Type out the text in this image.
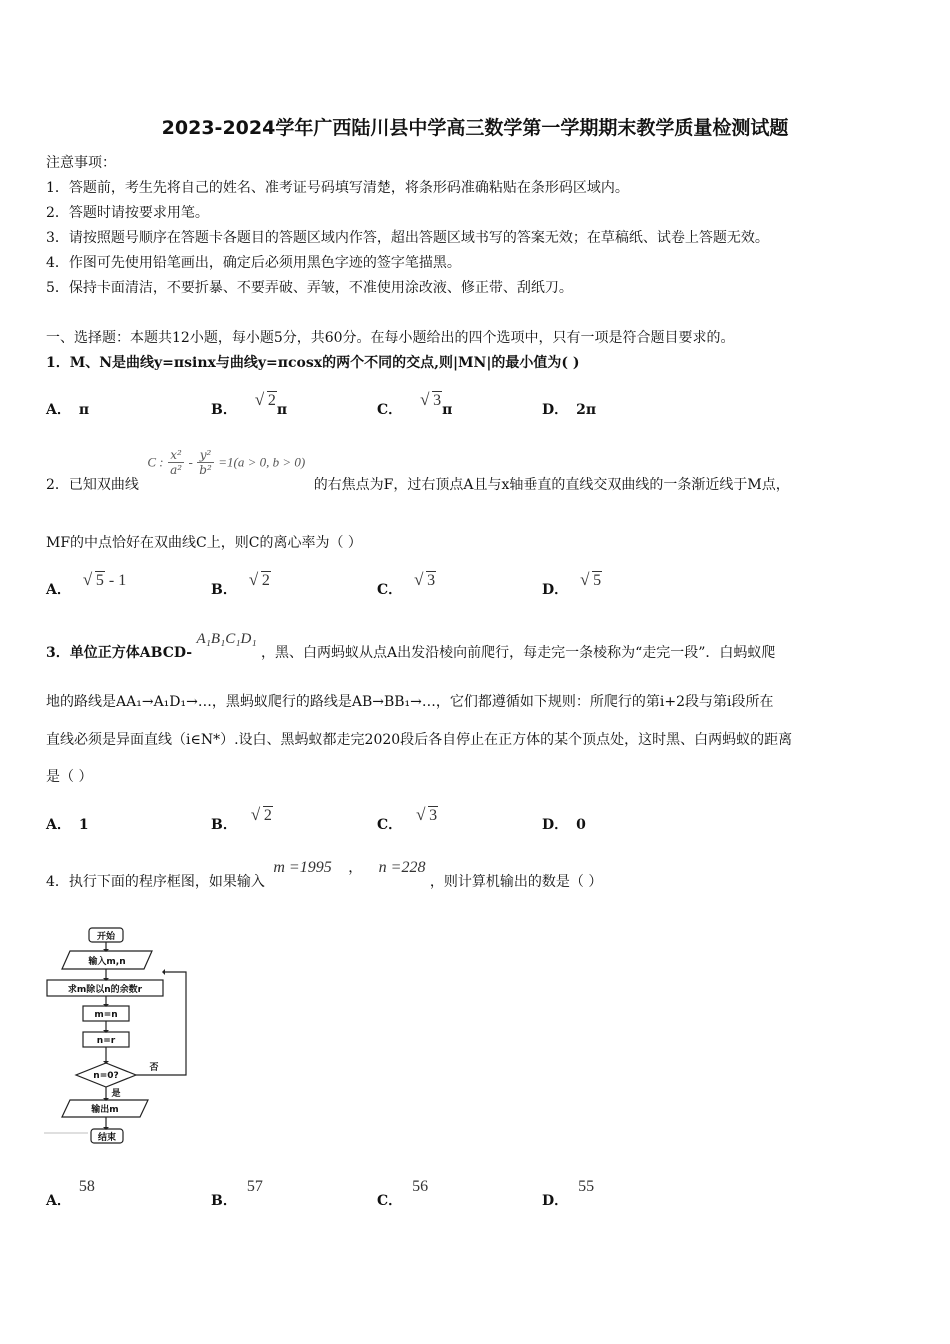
2023-2024学年广西陆川县中学高三数学第一学期期末教学质量检测试题
注意事项：
1．答题前，考生先将自己的姓名、准考证号码填写清楚，将条形码准确粘贴在条形码区域内。
2．答题时请按要求用笔。
3．请按照题号顺序在答题卡各题目的答题区域内作答，超出答题区域书写的答案无效；在草稿纸、试卷上答题无效。
4．作图可先使用铅笔画出，确定后必须用黑色字迹的签字笔描黑。
5．保持卡面清洁，不要折暴、不要弄破、弄皱，不准使用涂改液、修正带、刮纸刀。
一、选择题：本题共12小题，每小题5分，共60分。在每小题给出的四个选项中，只有一项是符合题目要求的。
1．M、N是曲线y=πsinx与曲线y=πcosx的两个不同的交点,则|MN|的最小值为( )
A． π	B．√ 2π	C．√ 3π	D． 2π
2．已知双曲线 C : $\frac{\text{x²}}{\text{a²}} - \frac{\text{y²}}{\text{b²}} =1(a > 0$, b > 0) 的右焦点为F，过右顶点A且与x轴垂直的直线交双曲线的一条渐近线于M点，
MF的中点恰好在双曲线C上，则C的离心率为（ ）
A．√ 5 - 1
B．√ 2
C．√ 3
D．√ 5
3．单位正方体ABCD- A₁B₁C₁D₁ ，黑、白两蚂蚁从点A出发沿棱向前爬行，每走完一条棱称为“走完一段”．白蚂蚁爬
地的路线是AA₁→A₁D₁→…，黑蚂蚁爬行的路线是AB→BB₁→…，它们都遵循如下规则：所爬行的第i+2段与第i段所在
直线必须是异面直线（i∈N*）.设白、黑蚂蚁都走完2020段后各自停止在正方体的某个顶点处，这时黑、白两蚂蚁的距离
是（ ）
A． 1	B．√ 2
C．√ 3
D． 0
4．执行下面的程序框图，如果输入 m =1995 ， n =228 ，则计算机输出的数是（ ）
开始
输入m,n
求m除以n的余数r
m=n
n=r
n=0?
否
是
输出m
结束
A．58
B．57
C．56
D．55
